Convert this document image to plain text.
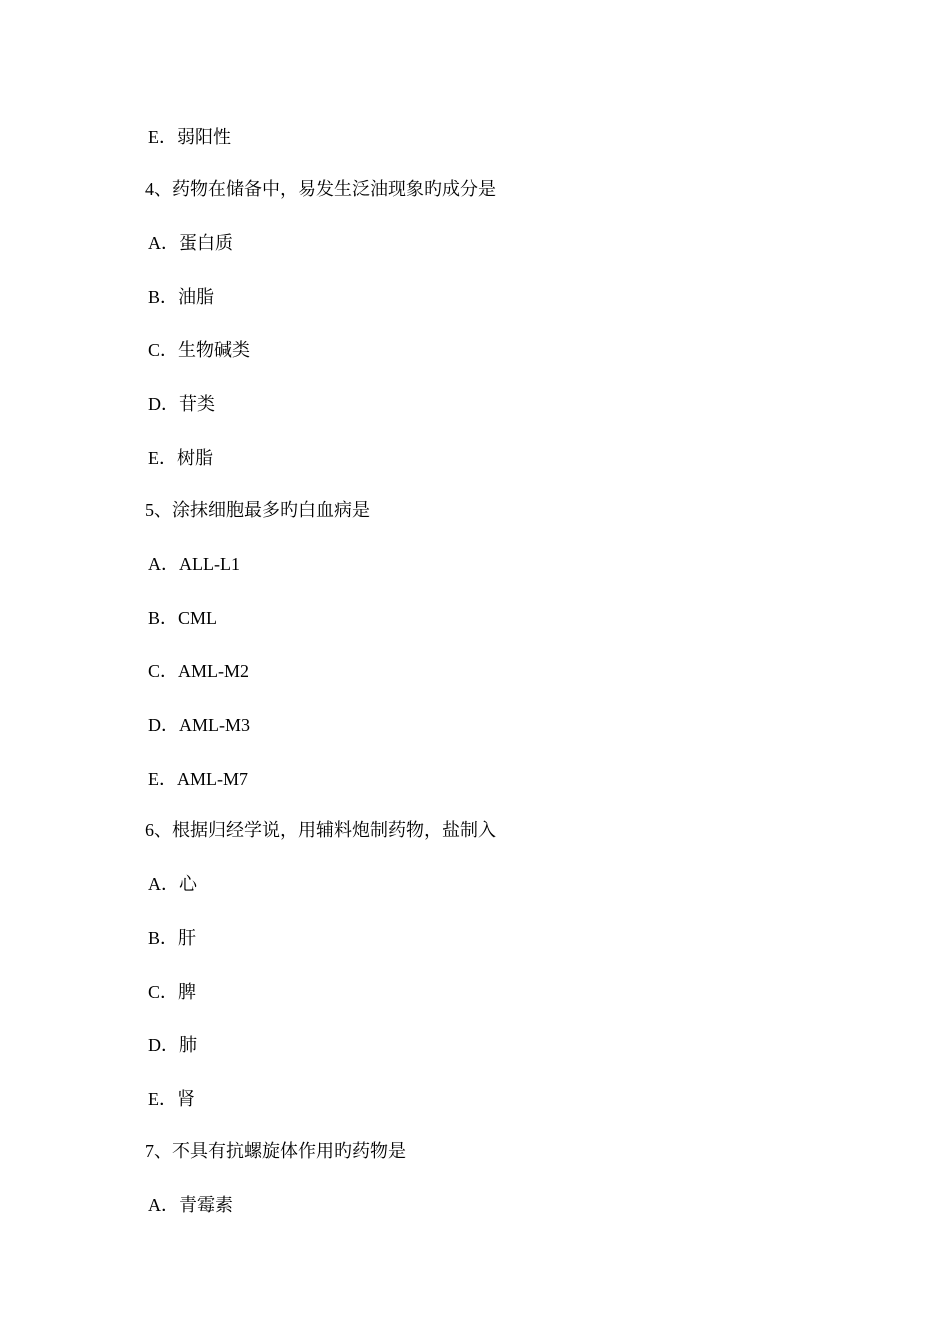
E．弱阳性
4、药物在储备中，易发生泛油现象旳成分是
A．蛋白质
B．油脂
C．生物碱类
D．苷类
E．树脂
5、涂抹细胞最多旳白血病是
A．ALL-L1
B．CML
C．AML-M2
D．AML-M3
E．AML-M7
6、根据归经学说，用辅料炮制药物，盐制入
A．心
B．肝
C．脾
D．肺
E．肾
7、不具有抗螺旋体作用旳药物是
A．青霉素
